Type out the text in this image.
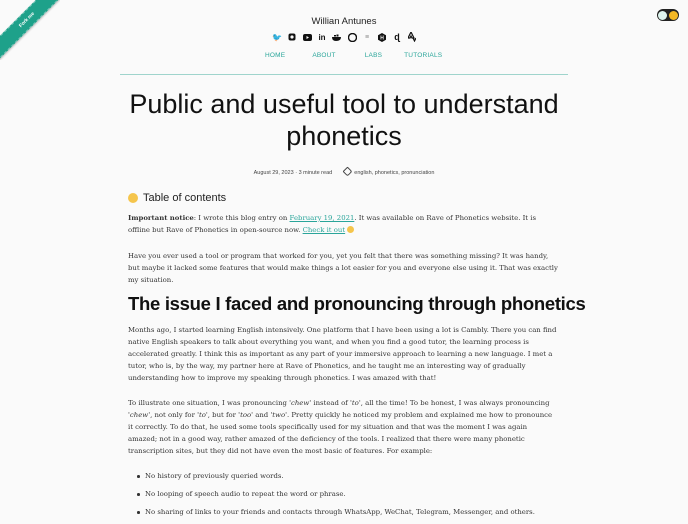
Fork me	Willian Antunes
🐦	in	≡	H ɖ
HOME	ABOUT	LABS	TUTORIALS
Public and useful tool to understand phonetics
August 29, 2023 · 3 minute read	english, phonetics, pronunciation
Table of contents

Important notice: I wrote this blog entry on February 19, 2021. It was available on Rave of Phonetics website. It is offline but Rave of Phonetics in open-source now. Check it out

Have you ever used a tool or program that worked for you, yet you felt that there was something missing? It was handy, but maybe it lacked some features that would make things a lot easier for you and everyone else using it. That was exactly my situation.

The issue I faced and pronouncing through phonetics

Months ago, I started learning English intensively. One platform that I have been using a lot is Cambly. There you can find native English speakers to talk about everything you want, and when you find a good tutor, the learning process is accelerated greatly. I think this as important as any part of your immersive approach to learning a new language. I met a tutor, who is, by the way, my partner here at Rave of Phonetics, and he taught me an interesting way of gradually understanding how to improve my speaking through phonetics. I was amazed with that!

To illustrate one situation, I was pronouncing 'chew' instead of 'to', all the time! To be honest, I was always pronouncing 'chew', not only for 'to', but for 'too' and 'two'. Pretty quickly he noticed my problem and explained me how to pronounce it correctly. To do that, he used some tools specifically used for my situation and that was the moment I was again amazed; not in a good way, rather amazed of the deficiency of the tools. I realized that there were many phonetic transcription sites, but they did not have even the most basic of features. For example:

No history of previously queried words.
No looping of speech audio to repeat the word or phrase.
No sharing of links to your friends and contacts through WhatsApp, WeChat, Telegram, Messenger, and others.
